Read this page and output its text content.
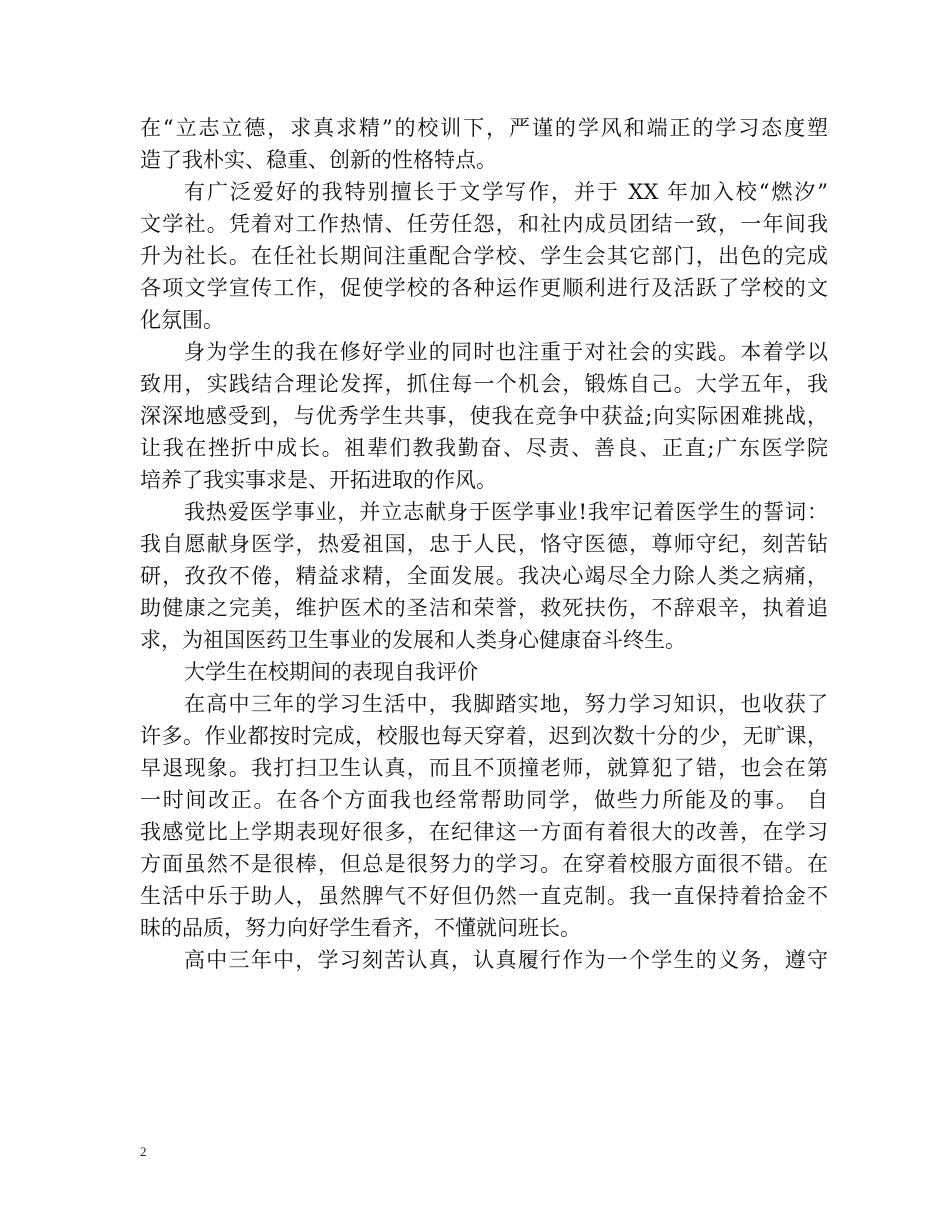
在“立志立德，求真求精”的校训下，严谨的学风和端正的学习态度塑
造了我朴实、稳重、创新的性格特点。
有广泛爱好的我特别擅长于文学写作，并于 XX 年加入校“燃汐”
文学社。凭着对工作热情、任劳任怨，和社内成员团结一致，一年间我
升为社长。在任社长期间注重配合学校、学生会其它部门，出色的完成
各项文学宣传工作，促使学校的各种运作更顺利进行及活跃了学校的文
化氛围。
身为学生的我在修好学业的同时也注重于对社会的实践。本着学以
致用，实践结合理论发挥，抓住每一个机会，锻炼自己。大学五年，我
深深地感受到，与优秀学生共事，使我在竞争中获益;向实际困难挑战，
让我在挫折中成长。祖辈们教我勤奋、尽责、善良、正直;广东医学院
培养了我实事求是、开拓进取的作风。
我热爱医学事业，并立志献身于医学事业!我牢记着医学生的誓词：
我自愿献身医学，热爱祖国，忠于人民，恪守医德，尊师守纪，刻苦钻
研，孜孜不倦，精益求精，全面发展。我决心竭尽全力除人类之病痛，
助健康之完美，维护医术的圣洁和荣誉，救死扶伤，不辞艰辛，执着追
求，为祖国医药卫生事业的发展和人类身心健康奋斗终生。
大学生在校期间的表现自我评价
在高中三年的学习生活中，我脚踏实地，努力学习知识，也收获了
许多。作业都按时完成，校服也每天穿着，迟到次数十分的少，无旷课，
早退现象。我打扫卫生认真，而且不顶撞老师，就算犯了错，也会在第
一时间改正。在各个方面我也经常帮助同学，做些力所能及的事。 自
我感觉比上学期表现好很多，在纪律这一方面有着很大的改善，在学习
方面虽然不是很棒，但总是很努力的学习。在穿着校服方面很不错。在
生活中乐于助人，虽然脾气不好但仍然一直克制。我一直保持着拾金不
昧的品质，努力向好学生看齐，不懂就问班长。
高中三年中，学习刻苦认真，认真履行作为一个学生的义务，遵守
2
